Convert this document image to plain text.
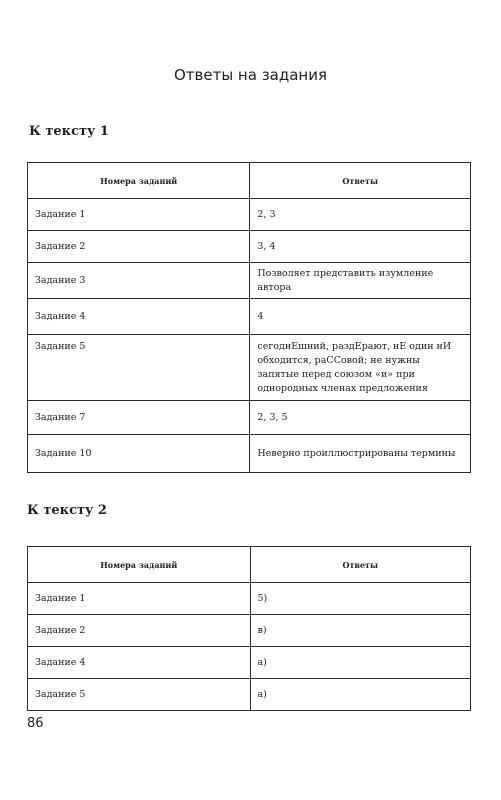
Ответы на задания
К тексту 1
Номера заданий	Ответы
Задание 1	2, 3
Задание 2	3, 4
Задание 3	Позволяет представить изумление автора
Задание 4	4
Задание 5	сегоднЕшний, раздЕрают, нЕ один нИ обходится, раССовой; не нужны запятые перед союзом «и» при однородных членах предложения
Задание 7	2, 3, 5
Задание 10	Неверно проиллюстрированы термины
К тексту 2
Номера заданий	Ответы
Задание 1	5)
Задание 2	в)
Задание 4	а)
Задание 5	а)
86
